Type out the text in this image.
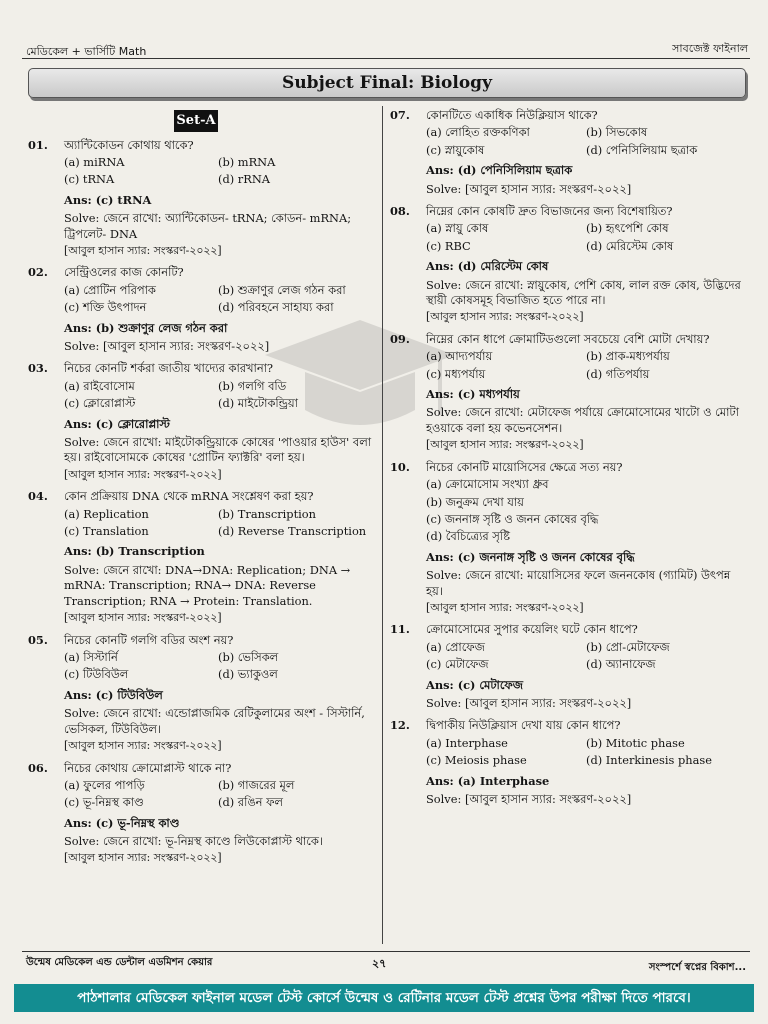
মেডিকেল + ভার্সিটি Math	সাবজেক্ট ফাইনাল
Subject Final: Biology
Set-A
01.	অ্যান্টিকোডন কোথায় থাকে?
(a) miRNA	(b) mRNA
(c) tRNA	(d) rRNA
Ans: (c) tRNA
Solve: জেনে রাখো: অ্যান্টিকোডন- tRNA; কোডন- mRNA; ট্রিপলেট- DNA
[আবুল হাসান স্যার: সংস্করণ-২০২২]
02.	সেন্ট্রিওলের কাজ কোনটি?
(a) প্রোটিন পরিপাক	(b) শুক্রাণুর লেজ গঠন করা
(c) শক্তি উৎপাদন	(d) পরিবহনে সাহায্য করা
Ans: (b) শুক্রাণুর লেজ গঠন করা
Solve: [আবুল হাসান স্যার: সংস্করণ-২০২২]
03.	নিচের কোনটি শর্করা জাতীয় খাদ্যের কারখানা?
(a) রাইবোসোম	(b) গলগি বডি
(c) ক্লোরোপ্লাস্ট	(d) মাইটোকন্ড্রিয়া
Ans: (c) ক্লোরোপ্লাস্ট
Solve: জেনে রাখো: মাইটোকন্ড্রিয়াকে কোষের 'পাওয়ার হাউস' বলা হয়। রাইবোসোমকে কোষের 'প্রোটিন ফ্যাক্টরি' বলা হয়।
[আবুল হাসান স্যার: সংস্করণ-২০২২]
04.	কোন প্রক্রিয়ায় DNA থেকে mRNA সংশ্লেষণ করা হয়?
(a) Replication	(b) Transcription
(c) Translation	(d) Reverse Transcription
Ans: (b) Transcription
Solve: জেনে রাখো: DNA→DNA: Replication; DNA → mRNA: Transcription; RNA→ DNA: Reverse Transcription; RNA → Protein: Translation.
[আবুল হাসান স্যার: সংস্করণ-২০২২]
05.	নিচের কোনটি গলগি বডির অংশ নয়?
(a) সিস্টার্নি	(b) ভেসিকল
(c) টিউবিউল	(d) ভ্যাকুওল
Ans: (c) টিউবিউল
Solve: জেনে রাখো: এন্ডোপ্লাজমিক রেটিকুলামের অংশ - সিস্টার্নি, ভেসিকল, টিউবিউল।
[আবুল হাসান স্যার: সংস্করণ-২০২২]
06.	নিচের কোথায় ক্রোমোপ্লাস্ট থাকে না?
(a) ফুলের পাপড়ি	(b) গাজরের মূল
(c) ভূ-নিম্নস্থ কাণ্ড	(d) রঙিন ফল
Ans: (c) ভূ-নিম্নস্থ কাণ্ড
Solve: জেনে রাখো: ভূ-নিম্নস্থ কাণ্ডে লিউকোপ্লাস্ট থাকে।
[আবুল হাসান স্যার: সংস্করণ-২০২২]
07.	কোনটিতে একাধিক নিউক্লিয়াস থাকে?
(a) লোহিত রক্তকণিকা	(b) সিভকোষ
(c) স্নায়ুকোষ	(d) পেনিসিলিয়াম ছত্রাক
Ans: (d) পেনিসিলিয়াম ছত্রাক
Solve: [আবুল হাসান স্যার: সংস্করণ-২০২২]
08.	নিম্নের কোন কোষটি দ্রুত বিভাজনের জন্য বিশেষায়িত?
(a) স্নায়ু কোষ	(b) হৃৎপেশি কোষ
(c) RBC	(d) মেরিস্টেম কোষ
Ans: (d) মেরিস্টেম কোষ
Solve: জেনে রাখো: স্নায়ুকোষ, পেশি কোষ, লাল রক্ত কোষ, উদ্ভিদের স্থায়ী কোষসমূহ বিভাজিত হতে পারে না।
[আবুল হাসান স্যার: সংস্করণ-২০২২]
09.	নিম্নের কোন ধাপে ক্রোমাটিডগুলো সবচেয়ে বেশি মোটা দেখায়?
(a) আদ্যপর্যায়	(b) প্রাক-মধ্যপর্যায়
(c) মধ্যপর্যায়	(d) গতিপর্যায়
Ans: (c) মধ্যপর্যায়
Solve: জেনে রাখো: মেটাফেজ পর্যায়ে ক্রোমোসোমের খাটো ও মোটা হওয়াকে বলা হয় কভেনসেশন।
[আবুল হাসান স্যার: সংস্করণ-২০২২]
10.	নিচের কোনটি মায়োসিসের ক্ষেত্রে সত্য নয়?
(a) ক্রোমোসোম সংখ্যা ধ্রুব
(b) জনুক্রম দেখা যায়
(c) জননাঙ্গ সৃষ্টি ও জনন কোষের বৃদ্ধি
(d) বৈচিত্র্যের সৃষ্টি
Ans: (c) জননাঙ্গ সৃষ্টি ও জনন কোষের বৃদ্ধি
Solve: জেনে রাখো: মায়োসিসের ফলে জননকোষ (গ্যামিট) উৎপন্ন হয়।
[আবুল হাসান স্যার: সংস্করণ-২০২২]
11.	ক্রোমোসোমের সুপার কয়েলিং ঘটে কোন ধাপে?
(a) প্রোফেজ	(b) প্রো-মেটাফেজ
(c) মেটাফেজ	(d) অ্যানাফেজ
Ans: (c) মেটাফেজ
Solve: [আবুল হাসান স্যার: সংস্করণ-২০২২]
12.	দ্বিপাকীয় নিউক্লিয়াস দেখা যায় কোন ধাপে?
(a) Interphase	(b) Mitotic phase
(c) Meiosis phase	(d) Interkinesis phase
Ans: (a) Interphase
Solve: [আবুল হাসান স্যার: সংস্করণ-২০২২]
উন্মেষ মেডিকেল এন্ড ডেন্টাল এডমিশন কেয়ার	২৭	সংস্পর্শে স্বপ্নের বিকাশ...
পাঠশালার মেডিকেল ফাইনাল মডেল টেস্ট কোর্সে উন্মেষ ও রেটিনার মডেল টেস্ট প্রশ্নের উপর পরীক্ষা দিতে পারবে।
